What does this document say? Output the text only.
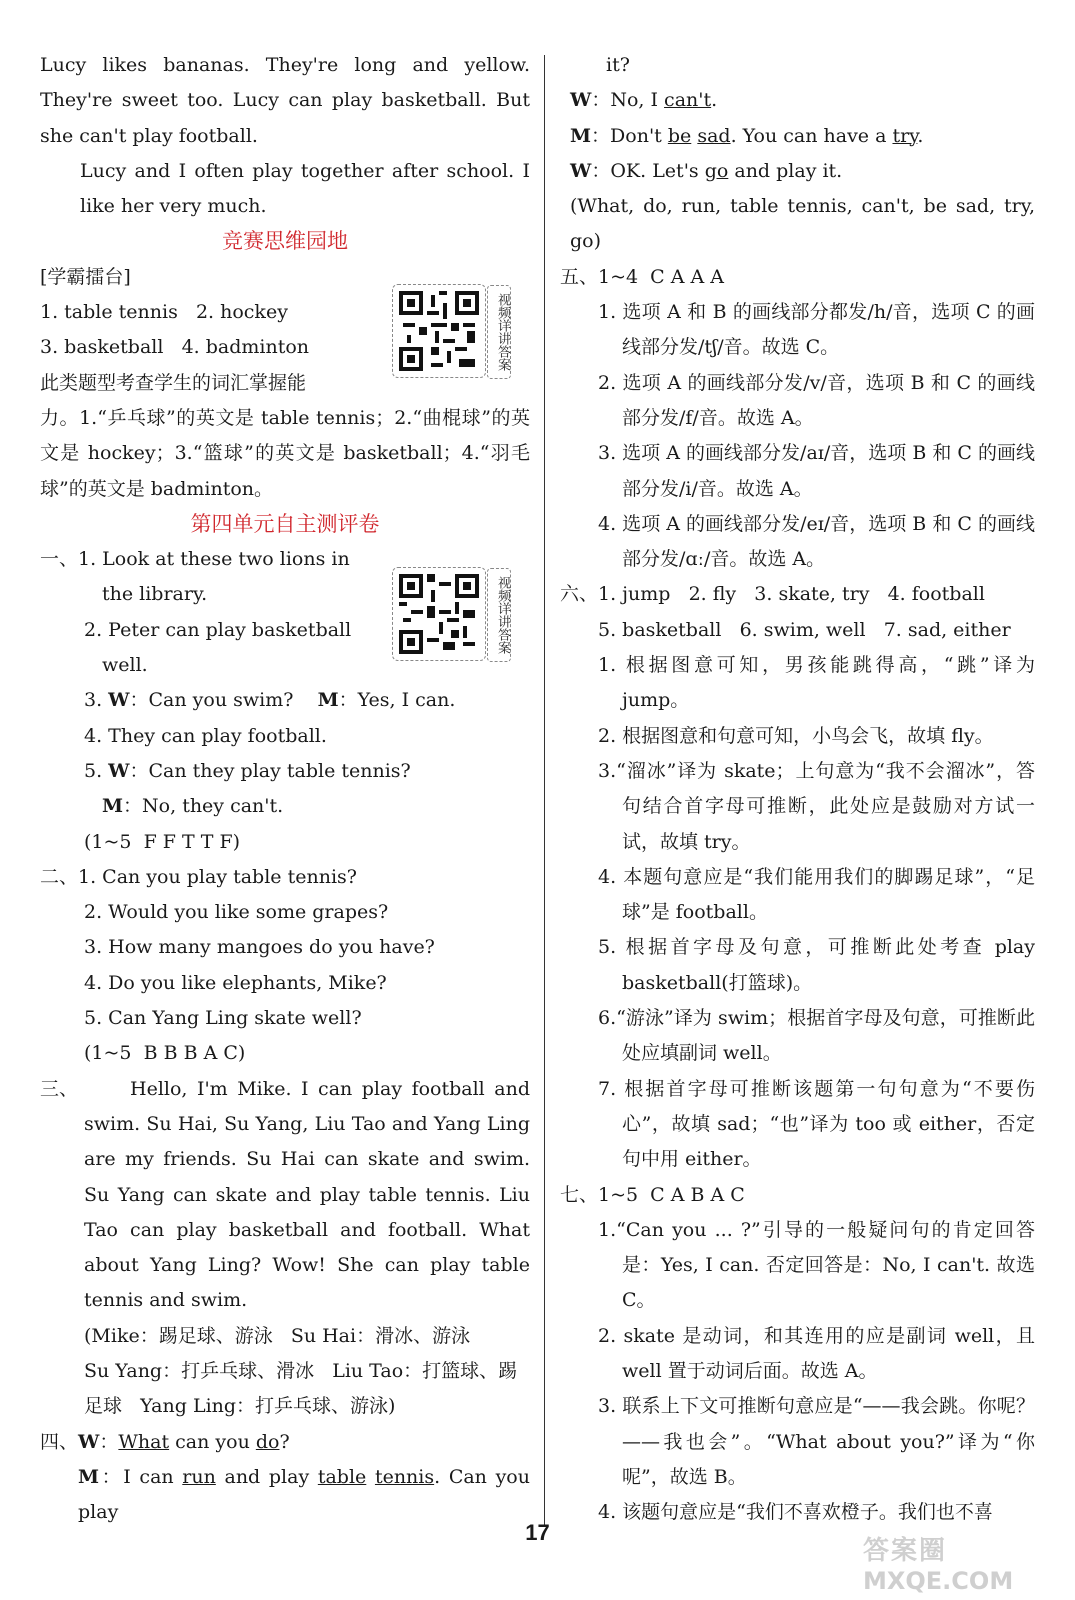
Lucy likes bananas. They're long and yellow. They're sweet too. Lucy can play basketball. But she can't play football.

Lucy and I often play together after school. I like her very much.

竞赛思维园地

[学霸擂台]

1. table tennis   2. hockey

3. basketball   4. badminton

此类题型考查学生的词汇掌握能

力。1.“乒乓球”的英文是 table tennis；2.“曲棍球”的英文是 hockey；3.“篮球”的英文是 basketball；4.“羽毛球”的英文是 badminton。

第四单元自主测评卷

一、1. Look at these two lions in

the library.

2. Peter can play basketball

well.

3. W：Can you swim? M：Yes, I can.

4. They can play football.

5. W：Can they play table tennis?

M：No, they can't.

(1~5  F F T T F)

二、1. Can you play table tennis?

2. Would you like some grapes?

3. How many mangoes do you have?

4. Do you like elephants, Mike?

5. Can Yang Ling skate well?

(1~5  B B B A C)

三、	Hello, I'm Mike. I can play football and swim. Su Hai, Su Yang, Liu Tao and Yang Ling are my friends. Su Hai can skate and swim. Su Yang can skate and play table tennis. Liu Tao can play basketball and football. What about Yang Ling? Wow! She can play table tennis and swim.

(Mike：踢足球、游泳   Su Hai：滑冰、游泳

Su Yang：打乒乓球、滑冰   Liu Tao：打篮球、踢

足球   Yang Ling：打乒乓球、游泳)

四、W：What can you do?

M：I can run and play table tennis. Can you play

视频详讲答案
视频详讲答案

it?

W：No, I can't.

M：Don't be sad. You can have a try.

W：OK. Let's go and play it.

(What, do, run, table tennis, can't, be sad, try, go)

五、1~4  C A A A

1. 选项 A 和 B 的画线部分都发/h/音，选项 C 的画线部分发/tʃ/音。故选 C。

2. 选项 A 的画线部分发/v/音，选项 B 和 C 的画线部分发/f/音。故选 A。

3. 选项 A 的画线部分发/aɪ/音，选项 B 和 C 的画线部分发/i/音。故选 A。

4. 选项 A 的画线部分发/eɪ/音，选项 B 和 C 的画线部分发/ɑː/音。故选 A。

六、1. jump   2. fly   3. skate, try   4. football

5. basketball   6. swim, well   7. sad, either

1. 根据图意可知，男孩能跳得高，“跳”译为 jump。

2. 根据图意和句意可知，小鸟会飞，故填 fly。

3.“溜冰”译为 skate；上句意为“我不会溜冰”，答句结合首字母可推断，此处应是鼓励对方试一试，故填 try。

4. 本题句意应是“我们能用我们的脚踢足球”，“足球”是 football。

5. 根据首字母及句意，可推断此处考查 play basketball(打篮球)。

6.“游泳”译为 swim；根据首字母及句意，可推断此处应填副词 well。

7. 根据首字母可推断该题第一句句意为“不要伤心”，故填 sad；“也”译为 too 或 either，否定句中用 either。

七、1~5  C A B A C

1.“Can you ... ?”引导的一般疑问句的肯定回答是：Yes, I can. 否定回答是：No, I can't. 故选 C。

2. skate 是动词，和其连用的应是副词 well，且 well 置于动词后面。故选 A。

3. 联系上下文可推断句意应是“——我会跳。你呢？——我也会”。“What about you?”译为“你呢”，故选 B。

4. 该题句意应是“我们不喜欢橙子。我们也不喜

17
答案圈
MXQE.COM
